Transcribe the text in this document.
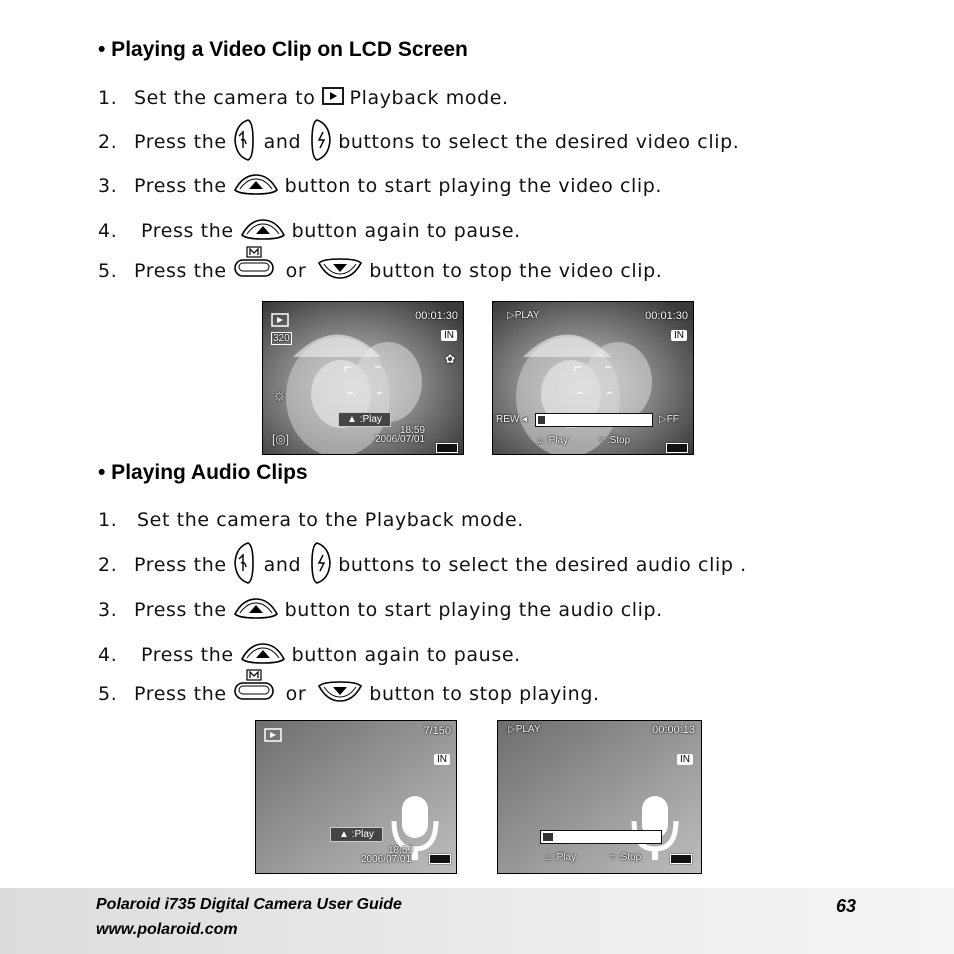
• Playing a Video Clip on LCD Screen
1. Set the camera to Playback mode.
2. Press the and buttons to select the desired video clip.
3. Press the	button to start playing the video clip.
4.	Press the	button again to pause.
5. Press the	or	button to stop the video clip.
00:01:30
320	IN
✿
☼
▲ :Play
[◎]
18:59
2006/07/01
▷PLAY	00:01:30
IN
REW ◂	▷FF
▵ :Play	▿ :Stop
• Playing Audio Clips
1.	Set the camera to the Playback mode.
2. Press the and buttons to select the desired audio clip .
3. Press the	button to start playing the audio clip.
4.	Press the	button again to pause.
5. Press the	or	button to stop playing.
7/150
IN
▲ :Play
18:59
2006/07/01
▷PLAY	00:00:13
IN
▵ :Play	▿ :Stop
Polaroid i735 Digital Camera User Guide
www.polaroid.com
63
